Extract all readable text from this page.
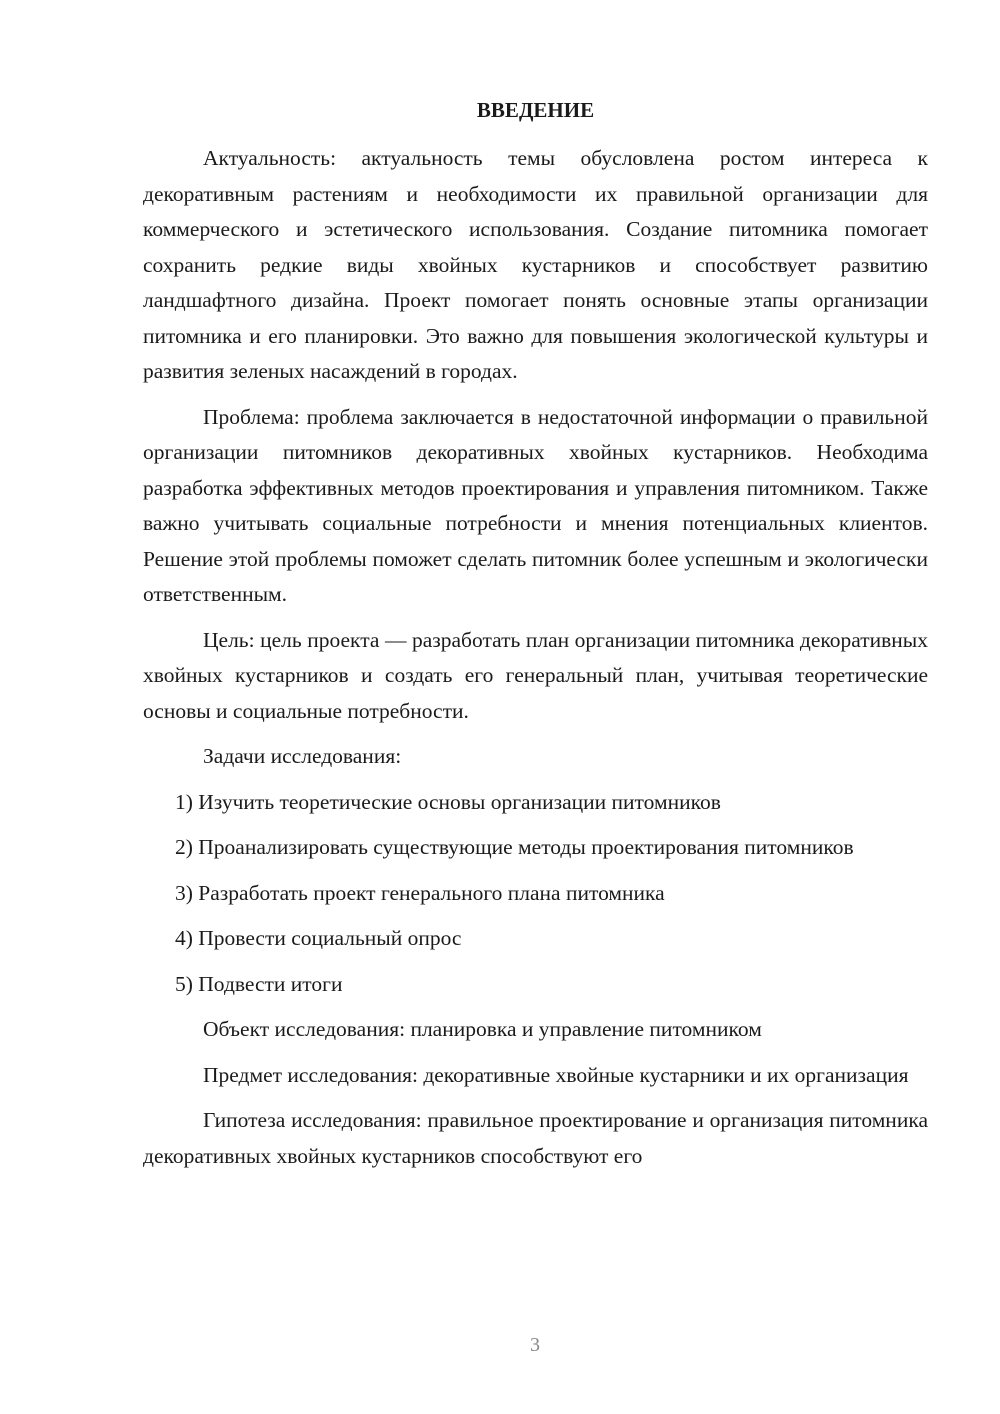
ВВЕДЕНИЕ

Актуальность: актуальность темы обусловлена ростом интереса к декоративным растениям и необходимости их правильной организации для коммерческого и эстетического использования. Создание питомника помогает сохранить редкие виды хвойных кустарников и способствует развитию ландшафтного дизайна. Проект помогает понять основные этапы организации питомника и его планировки. Это важно для повышения экологической культуры и развития зеленых насаждений в городах.

Проблема: проблема заключается в недостаточной информации о правильной организации питомников декоративных хвойных кустарников. Необходима разработка эффективных методов проектирования и управления питомником. Также важно учитывать социальные потребности и мнения потенциальных клиентов. Решение этой проблемы поможет сделать питомник более успешным и экологически ответственным.

Цель: цель проекта — разработать план организации питомника декоративных хвойных кустарников и создать его генеральный план, учитывая теоретические основы и социальные потребности.

Задачи исследования:

1) Изучить теоретические основы организации питомников

2) Проанализировать существующие методы проектирования питомников

3) Разработать проект генерального плана питомника

4) Провести социальный опрос

5) Подвести итоги

Объект исследования: планировка и управление питомником

Предмет исследования: декоративные хвойные кустарники и их организация

Гипотеза исследования: правильное проектирование и организация питомника декоративных хвойных кустарников способствуют его

3
